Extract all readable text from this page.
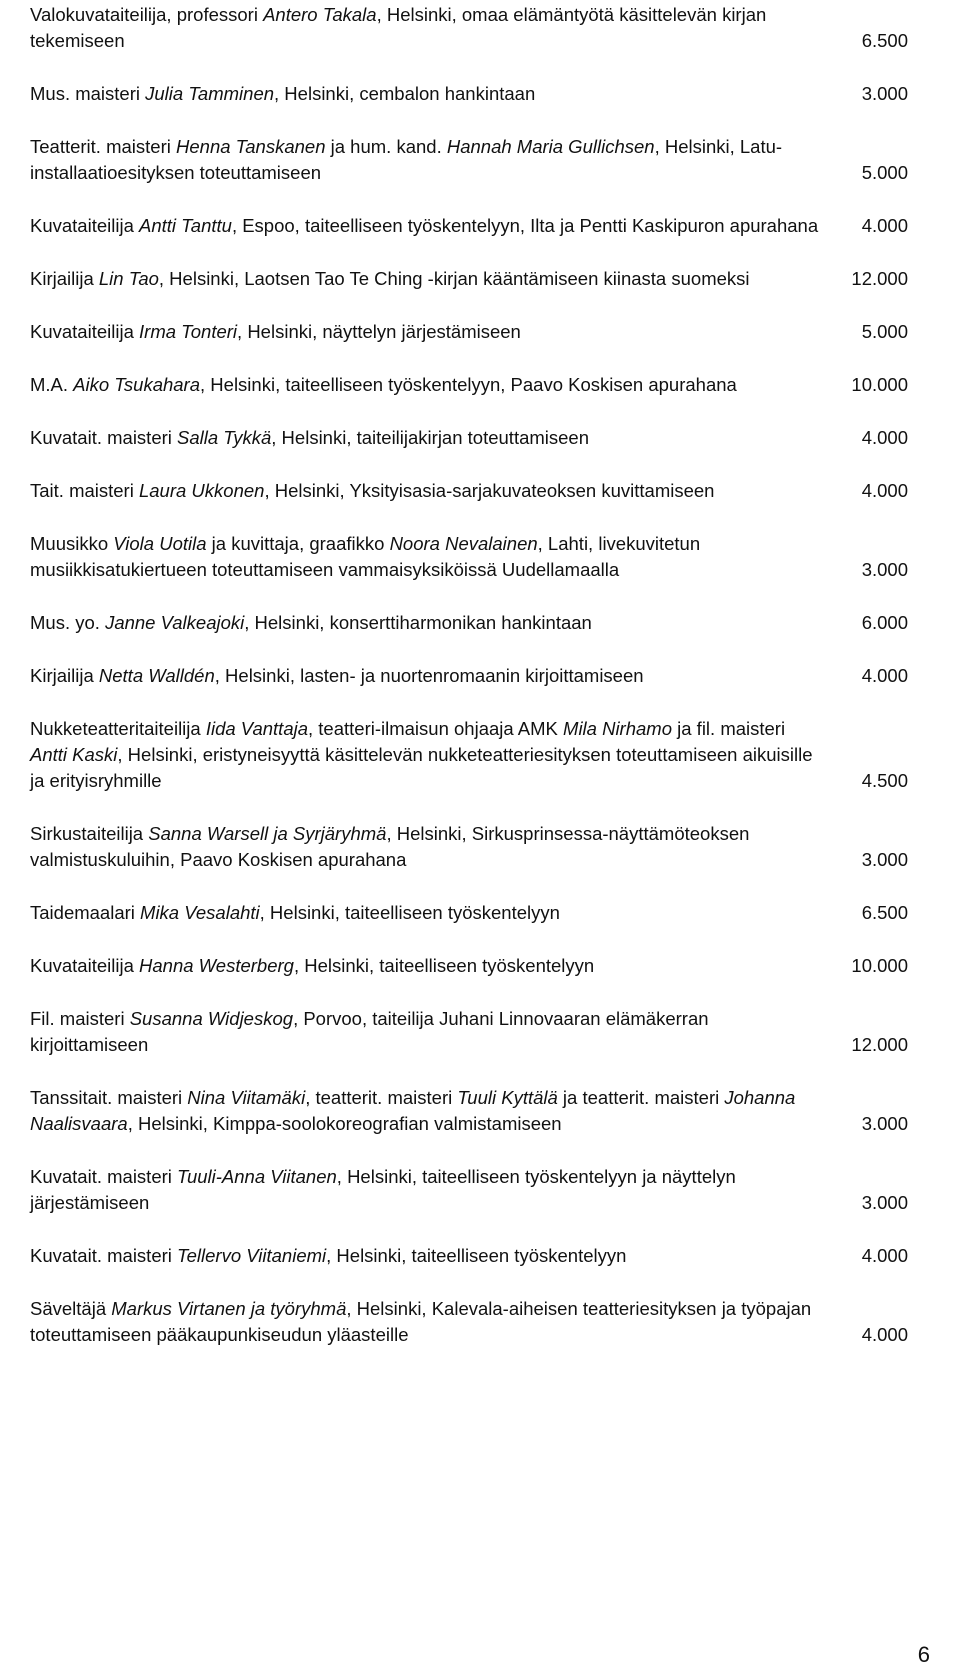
Valokuvataiteilija, professori Antero Takala, Helsinki, omaa elämäntyötä käsittelevän kirjan tekemiseen	6.500
Mus. maisteri Julia Tamminen, Helsinki, cembalon hankintaan	3.000
Teatterit. maisteri Henna Tanskanen ja hum. kand. Hannah Maria Gullichsen, Helsinki, Latu-installaatioesityksen toteuttamiseen	5.000
Kuvataiteilija Antti Tanttu, Espoo, taiteelliseen työskentelyyn, Ilta ja Pentti Kaskipuron apurahana	4.000
Kirjailija Lin Tao, Helsinki, Laotsen Tao Te Ching -kirjan kääntämiseen kiinasta suomeksi	12.000
Kuvataiteilija Irma Tonteri, Helsinki, näyttelyn järjestämiseen	5.000
M.A. Aiko Tsukahara, Helsinki, taiteelliseen työskentelyyn, Paavo Koskisen apurahana	10.000
Kuvatait. maisteri Salla Tykkä, Helsinki, taiteilijakirjan toteuttamiseen	4.000
Tait. maisteri Laura Ukkonen, Helsinki, Yksityisasia-sarjakuvateoksen kuvittamiseen	4.000
Muusikko Viola Uotila ja kuvittaja, graafikko Noora Nevalainen, Lahti, livekuvitetun musiikkisatukiertueen toteuttamiseen vammaisyksiköissä Uudellamaalla	3.000
Mus. yo. Janne Valkeajoki, Helsinki, konserttiharmonikan hankintaan	6.000
Kirjailija Netta Walldén, Helsinki, lasten- ja nuortenromaanin kirjoittamiseen	4.000
Nukketeatteritaiteilija Iida Vanttaja, teatteri-ilmaisun ohjaaja AMK Mila Nirhamo ja fil. maisteri Antti Kaski, Helsinki, eristyneisyyttä käsittelevän nukketeatteriesityksen toteuttamiseen aikuisille ja erityisryhmille	4.500
Sirkustaiteilija Sanna Warsell ja Syrjäryhmä, Helsinki, Sirkusprinsessa-näyttämöteoksen valmistuskuluihin, Paavo Koskisen apurahana	3.000
Taidemaalari Mika Vesalahti, Helsinki, taiteelliseen työskentelyyn	6.500
Kuvataiteilija Hanna Westerberg, Helsinki, taiteelliseen työskentelyyn	10.000
Fil. maisteri Susanna Widjeskog, Porvoo, taiteilija Juhani Linnovaaran elämäkerran kirjoittamiseen	12.000
Tanssitait. maisteri Nina Viitamäki, teatterit. maisteri Tuuli Kyttälä ja teatterit. maisteri Johanna Naalisvaara, Helsinki, Kimppa-soolokoreografian valmistamiseen	3.000
Kuvatait. maisteri Tuuli-Anna Viitanen, Helsinki, taiteelliseen työskentelyyn ja näyttelyn järjestämiseen	3.000
Kuvatait. maisteri Tellervo Viitaniemi, Helsinki, taiteelliseen työskentelyyn	4.000
Säveltäjä Markus Virtanen ja työryhmä, Helsinki, Kalevala-aiheisen teatteriesityksen ja työpajan toteuttamiseen pääkaupunkiseudun yläasteille	4.000
6
